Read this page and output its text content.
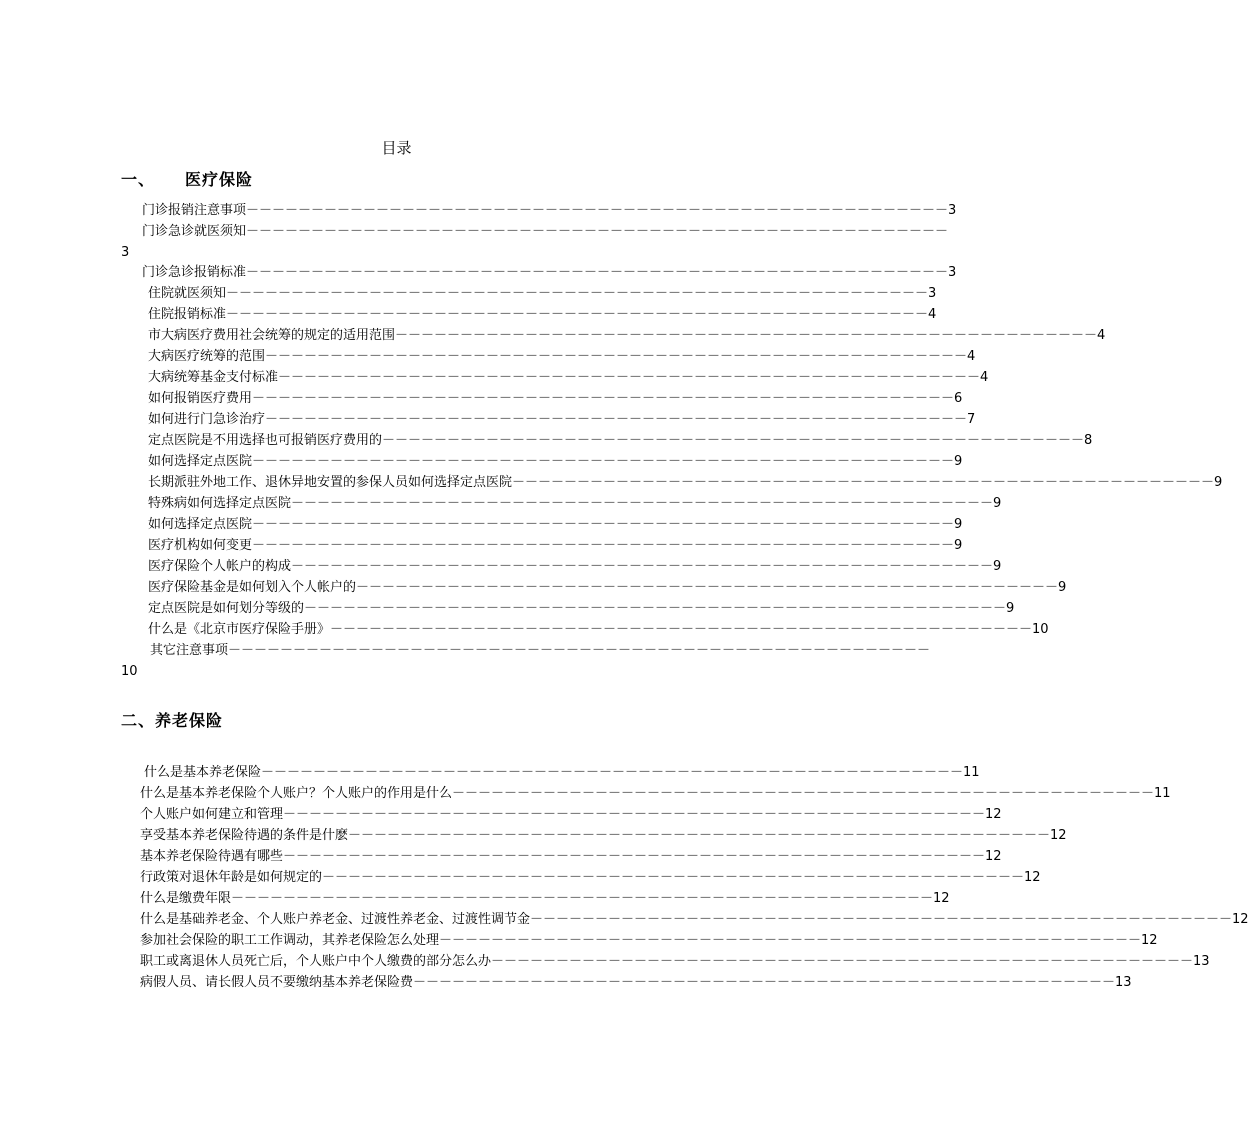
目录
一、 医疗保险
门诊报销注意事项 －－－－－－－－－－－－－－－－－－－－－－－－－－－－－－－－－－－－－－－－－－－－－－－－－－－－－－ 3
门诊急诊就医须知 －－－－－－－－－－－－－－－－－－－－－－－－－－－－－－－－－－－－－－－－－－－－－－－－－－－－－－
3
门诊急诊报销标准 －－－－－－－－－－－－－－－－－－－－－－－－－－－－－－－－－－－－－－－－－－－－－－－－－－－－－－ 3
住院就医须知 －－－－－－－－－－－－－－－－－－－－－－－－－－－－－－－－－－－－－－－－－－－－－－－－－－－－－－ 3
住院报销标准 －－－－－－－－－－－－－－－－－－－－－－－－－－－－－－－－－－－－－－－－－－－－－－－－－－－－－－ 4
市大病医疗费用社会统筹的规定的适用范围 －－－－－－－－－－－－－－－－－－－－－－－－－－－－－－－－－－－－－－－－－－－－－－－－－－－－－－ 4
大病医疗统筹的范围 －－－－－－－－－－－－－－－－－－－－－－－－－－－－－－－－－－－－－－－－－－－－－－－－－－－－－－ 4
大病统筹基金支付标准 －－－－－－－－－－－－－－－－－－－－－－－－－－－－－－－－－－－－－－－－－－－－－－－－－－－－－－ 4
如何报销医疗费用 －－－－－－－－－－－－－－－－－－－－－－－－－－－－－－－－－－－－－－－－－－－－－－－－－－－－－－ 6
如何进行门急诊治疗 －－－－－－－－－－－－－－－－－－－－－－－－－－－－－－－－－－－－－－－－－－－－－－－－－－－－－－ 7
定点医院是不用选择也可报销医疗费用的 －－－－－－－－－－－－－－－－－－－－－－－－－－－－－－－－－－－－－－－－－－－－－－－－－－－－－－ 8
如何选择定点医院 －－－－－－－－－－－－－－－－－－－－－－－－－－－－－－－－－－－－－－－－－－－－－－－－－－－－－－ 9
长期派驻外地工作、退休异地安置的参保人员如何选择定点医院 －－－－－－－－－－－－－－－－－－－－－－－－－－－－－－－－－－－－－－－－－－－－－－－－－－－－－－ 9
特殊病如何选择定点医院 －－－－－－－－－－－－－－－－－－－－－－－－－－－－－－－－－－－－－－－－－－－－－－－－－－－－－－ 9
如何选择定点医院 －－－－－－－－－－－－－－－－－－－－－－－－－－－－－－－－－－－－－－－－－－－－－－－－－－－－－－ 9
医疗机构如何变更 －－－－－－－－－－－－－－－－－－－－－－－－－－－－－－－－－－－－－－－－－－－－－－－－－－－－－－ 9
医疗保险个人帐户的构成 －－－－－－－－－－－－－－－－－－－－－－－－－－－－－－－－－－－－－－－－－－－－－－－－－－－－－－ 9
医疗保险基金是如何划入个人帐户的 －－－－－－－－－－－－－－－－－－－－－－－－－－－－－－－－－－－－－－－－－－－－－－－－－－－－－－ 9
定点医院是如何划分等级的 －－－－－－－－－－－－－－－－－－－－－－－－－－－－－－－－－－－－－－－－－－－－－－－－－－－－－－ 9
什么是《北京市医疗保险手册》 －－－－－－－－－－－－－－－－－－－－－－－－－－－－－－－－－－－－－－－－－－－－－－－－－－－－－－ 10
其它注意事项 －－－－－－－－－－－－－－－－－－－－－－－－－－－－－－－－－－－－－－－－－－－－－－－－－－－－－－
10
二、养老保险
什么是基本养老保险 －－－－－－－－－－－－－－－－－－－－－－－－－－－－－－－－－－－－－－－－－－－－－－－－－－－－－－ 11
什么是基本养老保险个人账户？个人账户的作用是什么 －－－－－－－－－－－－－－－－－－－－－－－－－－－－－－－－－－－－－－－－－－－－－－－－－－－－－－ 11
个人账户如何建立和管理 －－－－－－－－－－－－－－－－－－－－－－－－－－－－－－－－－－－－－－－－－－－－－－－－－－－－－－ 12
享受基本养老保险待遇的条件是什麽 －－－－－－－－－－－－－－－－－－－－－－－－－－－－－－－－－－－－－－－－－－－－－－－－－－－－－－ 12
基本养老保险待遇有哪些 －－－－－－－－－－－－－－－－－－－－－－－－－－－－－－－－－－－－－－－－－－－－－－－－－－－－－－ 12
行政策对退休年龄是如何规定的 －－－－－－－－－－－－－－－－－－－－－－－－－－－－－－－－－－－－－－－－－－－－－－－－－－－－－－ 12
什么是缴费年限 －－－－－－－－－－－－－－－－－－－－－－－－－－－－－－－－－－－－－－－－－－－－－－－－－－－－－－ 12
什么是基础养老金、个人账户养老金、过渡性养老金、过渡性调节金 －－－－－－－－－－－－－－－－－－－－－－－－－－－－－－－－－－－－－－－－－－－－－－－－－－－－－－ 12
参加社会保险的职工工作调动，其养老保险怎么处理 －－－－－－－－－－－－－－－－－－－－－－－－－－－－－－－－－－－－－－－－－－－－－－－－－－－－－－ 12
职工或离退休人员死亡后，个人账户中个人缴费的部分怎么办 －－－－－－－－－－－－－－－－－－－－－－－－－－－－－－－－－－－－－－－－－－－－－－－－－－－－－－ 13
病假人员、请长假人员不要缴纳基本养老保险费 －－－－－－－－－－－－－－－－－－－－－－－－－－－－－－－－－－－－－－－－－－－－－－－－－－－－－－ 13
